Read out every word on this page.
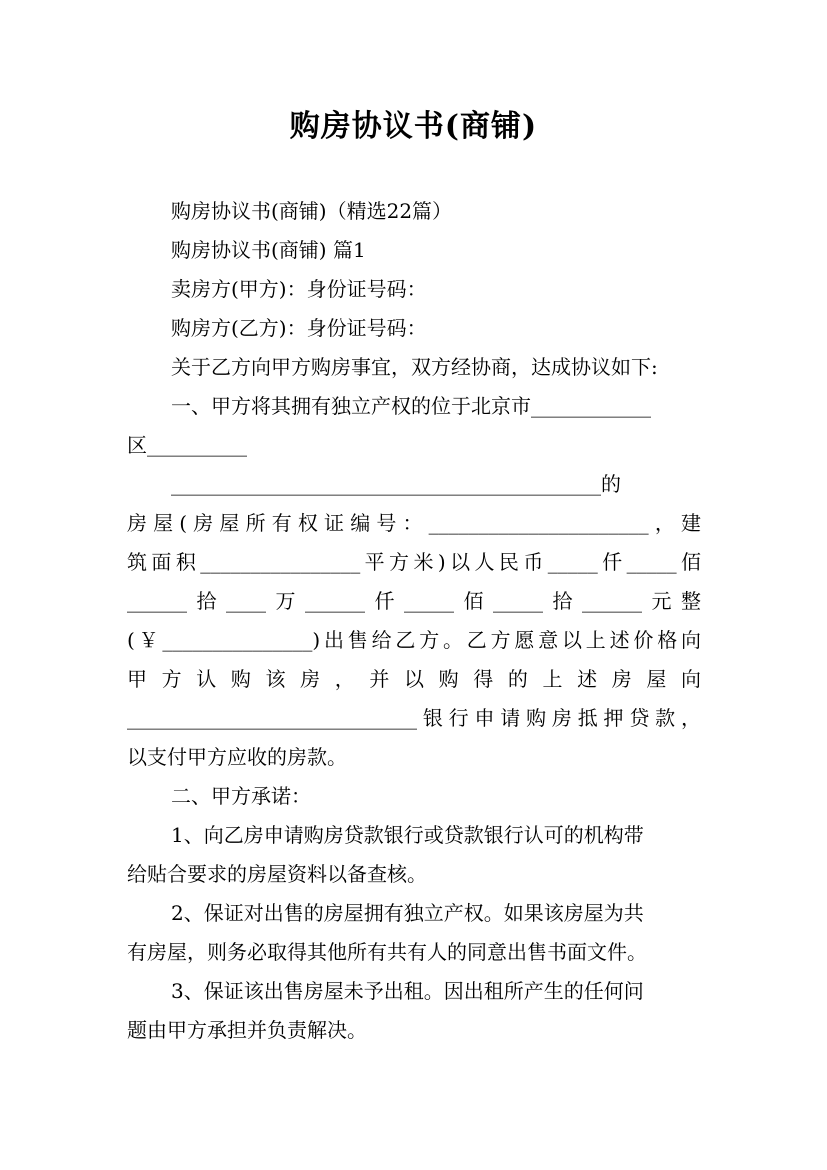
购房协议书(商铺)
购房协议书(商铺)（精选22篇）
购房协议书(商铺) 篇1
卖房方(甲方)：身份证号码：
购房方(乙方)：身份证号码：
关于乙方向甲方购房事宜，双方经协商，达成协议如下:
一、甲方将其拥有独立产权的位于北京市____________
区__________
___________________________________________的
房屋(房屋所有权证编号：______________________，建
筑面积________________平方米)以人民币_____仟_____佰
______拾____万______仟_____佰_____拾______元整
(￥_______________)出售给乙方。乙方愿意以上述价格向
甲 方 认 购 该 房 ， 并 以 购 得 的 上 述 房 屋 向
_____________________________银行申请购房抵押贷款，
以支付甲方应收的房款。
二、甲方承诺：
1、向乙房申请购房贷款银行或贷款银行认可的机构带
给贴合要求的房屋资料以备查核。
2、保证对出售的房屋拥有独立产权。如果该房屋为共
有房屋，则务必取得其他所有共有人的同意出售书面文件。
3、保证该出售房屋未予出租。因出租所产生的任何问
题由甲方承担并负责解决。
